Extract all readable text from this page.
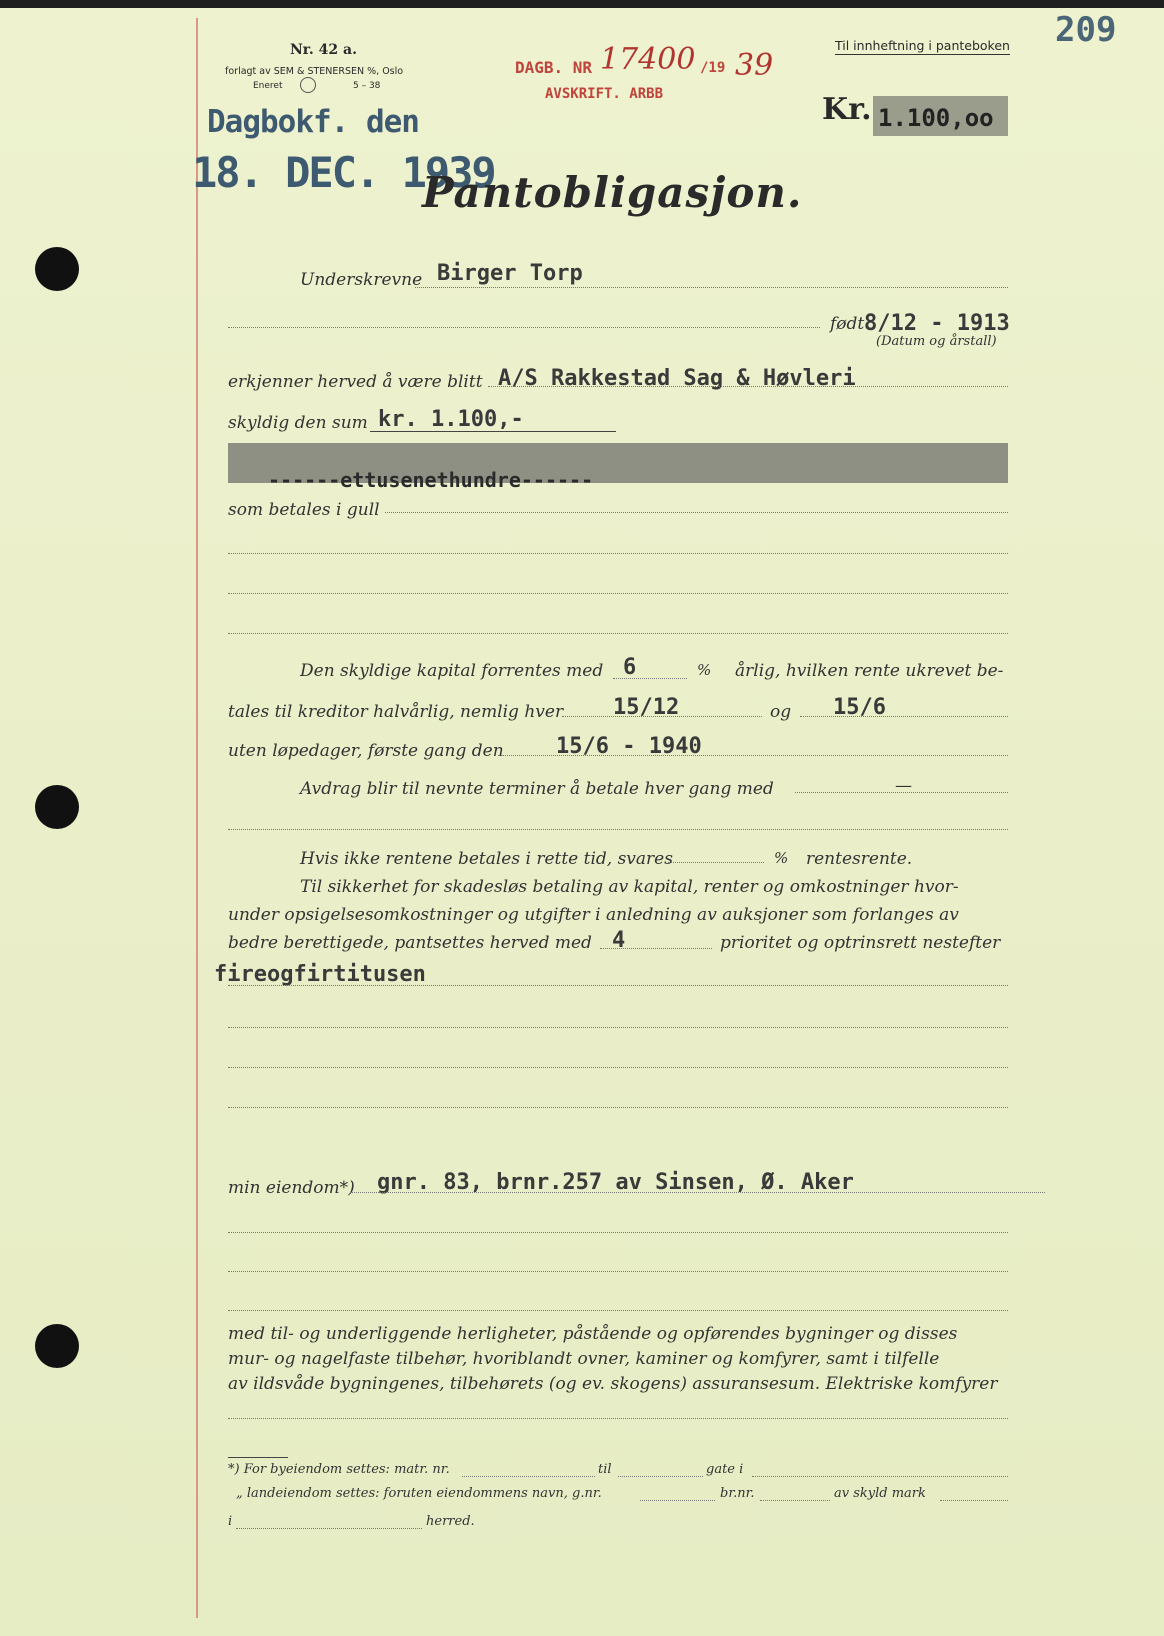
209
Nr. 42 a.
forlagt av SEM & STENERSEN %, Oslo
Eneret	5 – 38
DAGB. NR 17400 /19 39
AVSKRIFT. ARBB
Til innheftning i panteboken
Dagbokf. den
18. DEC. 1939
Kr. 1.100,oo
Pantobligasjon.
Underskrevne Birger Torp
født 8/12 - 1913
(Datum og årstall)
erkjenner herved å være blitt A/S Rakkestad Sag & Høvleri
skyldig den sum kr. 1.100,-
------ettusenethundre------
som betales i gull
Den skyldige kapital forrentes med 6	% årlig, hvilken rente ukrevet be-
tales til kreditor halvårlig, nemlig hver 15/12	og 15/6
uten løpedager, første gang den 15/6 - 1940
Avdrag blir til nevnte terminer å betale hver gang med	—
Hvis ikke rentene betales i rette tid, svares	% rentesrente.
Til sikkerhet for skadesløs betaling av kapital, renter og omkostninger hvor-
under opsigelsesomkostninger og utgifter i anledning av auksjoner som forlanges av
bedre berettigede, pantsettes herved med 4	prioritet og optrinsrett nestefter
fireogfirtitusen
min eiendom*) gnr. 83, brnr.257 av Sinsen, Ø. Aker
med til- og underliggende herligheter, påstående og opførendes bygninger og disses
mur- og nagelfaste tilbehør, hvoriblandt ovner, kaminer og komfyrer, samt i tilfelle
av ildsvåde bygningenes, tilbehørets (og ev. skogens) assuransesum. Elektriske komfyrer
*) For byeiendom settes: matr. nr.	til	gate i
„ landeiendom settes: foruten eiendommens navn, g.nr.	br.nr.	av skyld mark
i	herred.
